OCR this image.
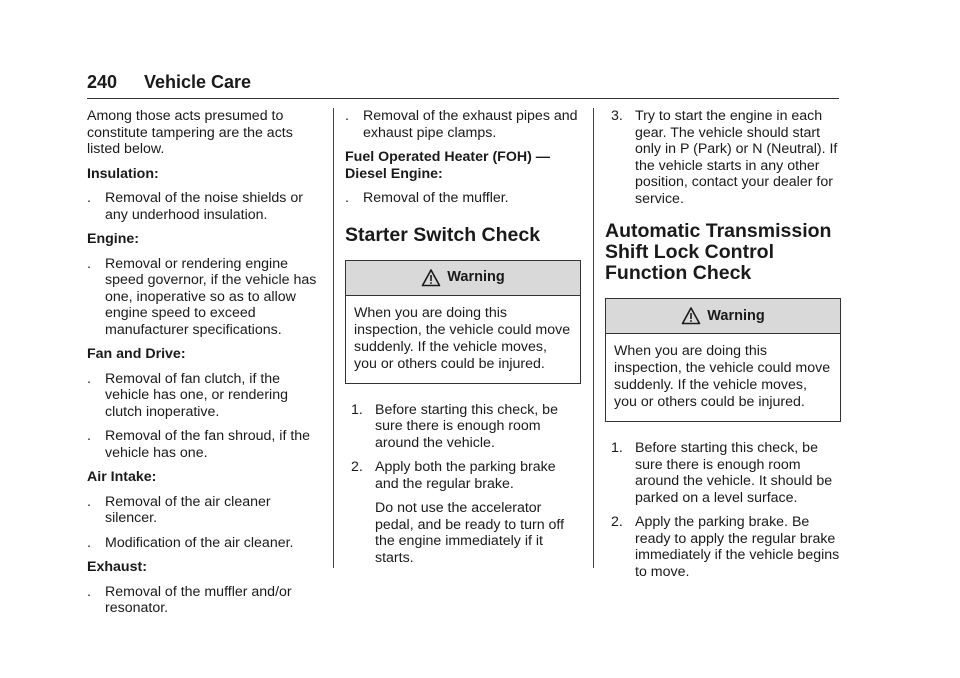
240 Vehicle Care

Among those acts presumed to constitute tampering are the acts listed below.

Insulation:

. Removal of the noise shields or any underhood insulation.

Engine:

. Removal or rendering engine speed governor, if the vehicle has one, inoperative so as to allow engine speed to exceed manufacturer specifications.

Fan and Drive:

. Removal of fan clutch, if the vehicle has one, or rendering clutch inoperative.
. Removal of the fan shroud, if the vehicle has one.

Air Intake:

. Removal of the air cleaner silencer.
. Modification of the air cleaner.

Exhaust:

. Removal of the muffler and/or resonator.
. Removal of the exhaust pipes and exhaust pipe clamps.

Fuel Operated Heater (FOH) — Diesel Engine:

. Removal of the muffler.
Starter Switch Check
Warning
When you are doing this inspection, the vehicle could move suddenly. If the vehicle moves, you or others could be injured.
1. Before starting this check, be sure there is enough room around the vehicle.
2. Apply both the parking brake and the regular brake.

Do not use the accelerator pedal, and be ready to turn off the engine immediately if it starts.

3. Try to start the engine in each gear. The vehicle should start only in P (Park) or N (Neutral). If the vehicle starts in any other position, contact your dealer for service.
Automatic Transmission Shift Lock Control Function Check
Warning
When you are doing this inspection, the vehicle could move suddenly. If the vehicle moves, you or others could be injured.
1. Before starting this check, be sure there is enough room around the vehicle. It should be parked on a level surface.
2. Apply the parking brake. Be ready to apply the regular brake immediately if the vehicle begins to move.
